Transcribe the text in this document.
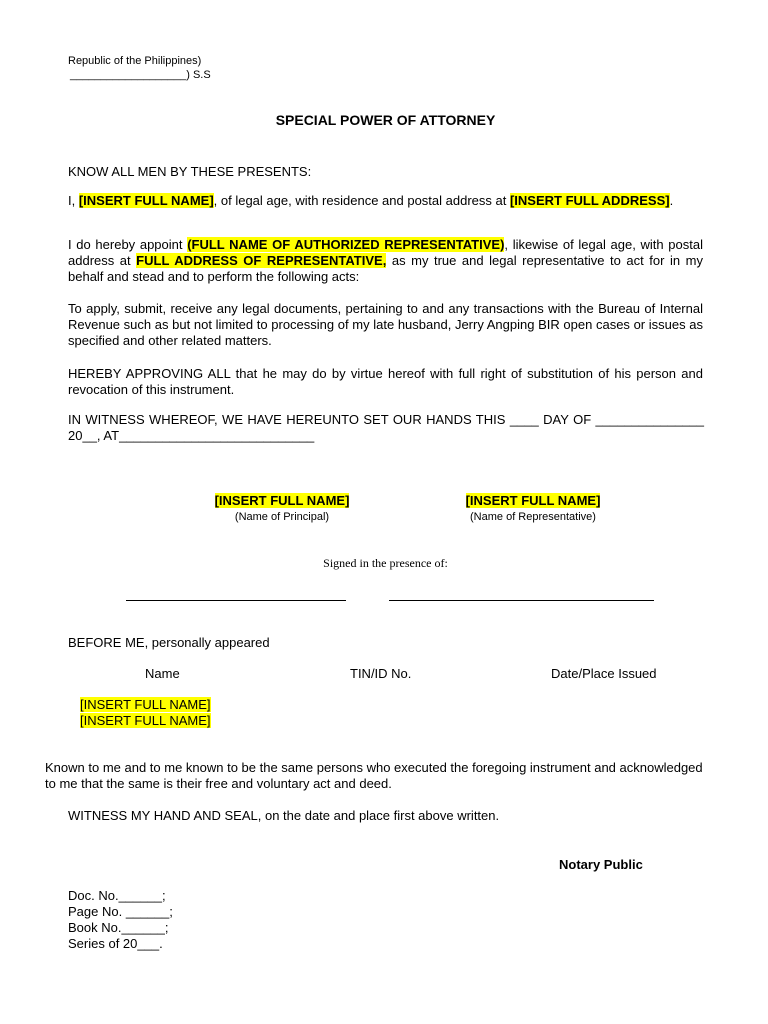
Republic of the Philippines)
___________________) S.S
SPECIAL POWER OF ATTORNEY
KNOW ALL MEN BY THESE PRESENTS:
I, [INSERT FULL NAME], of legal age, with residence and postal address at [INSERT FULL ADDRESS].
I do hereby appoint (FULL NAME OF AUTHORIZED REPRESENTATIVE), likewise of legal age, with postal address at FULL ADDRESS OF REPRESENTATIVE, as my true and legal representative to act for in my behalf and stead and to perform the following acts:
To apply, submit, receive any legal documents, pertaining to and any transactions with the Bureau of Internal Revenue such as but not limited to processing of my late husband, Jerry Angping BIR open cases or issues as specified and other related matters.
HEREBY APPROVING ALL that he may do by virtue hereof with full right of substitution of his person and revocation of this instrument.
IN WITNESS WHEREOF, WE HAVE HEREUNTO SET OUR HANDS THIS ____ DAY OF _______________ 20__, AT___________________________
[INSERT FULL NAME]
(Name of Principal)
[INSERT FULL NAME]
(Name of Representative)
Signed in the presence of:
BEFORE ME, personally appeared
Name	TIN/ID No.	Date/Place Issued
[INSERT FULL NAME]
[INSERT FULL NAME]
Known to me and to me known to be the same persons who executed the foregoing instrument and acknowledged to me that the same is their free and voluntary act and deed.
WITNESS MY HAND AND SEAL, on the date and place first above written.
Notary Public
Doc. No.______;
Page No. ______;
Book No.______;
Series of 20___.
